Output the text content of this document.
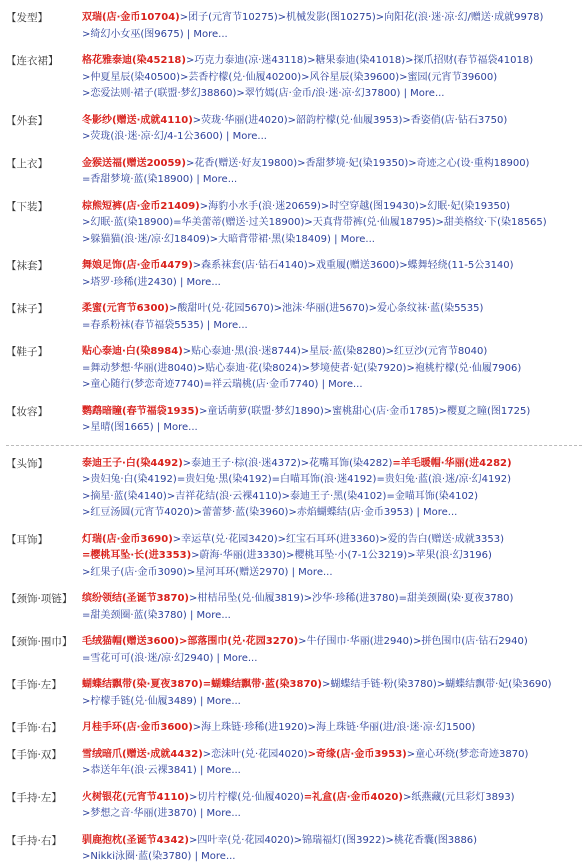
【发型】	双瑞(店·金币10704)>团子(元宵节10275)>机械发影(图10275)>向阳花(浪·迷·凉·幻/赠送·成就9978)
>绮幻小女巫(图9675) | More...
【连衣裙】	格花雅泰迪(染45218)>巧克力泰迪(凉·迷43118)>糖果泰迪(染41018)>探爪招财(春节福袋41018)
>仲夏星辰(染40500)>芸香柠檬(兑·仙履40200)>风谷星辰(染39600)>蜜园(元宵节39600)
>恋爱法则·裙子(联盟·梦幻38860)>翠竹嫣(店·金币/浪·迷·凉·幻37800) | More...
【外套】	冬影纱(赠送·成就4110)>荧珑·华丽(进4020)>韶韵柠檬(兑·仙履3953)>香姿俏(店·钻石3750)
>荧珑(浪·迷·凉·幻/4-1公3600) | More...
【上衣】	金猴送福(赠送20059)>花香(赠送·好友19800)>香甜梦境·妃(染19350)>奇迹之心(设·重构18900)
=香甜梦境·蓝(染18900) | More...
【下装】	棕熊短裤(店·金币21409)>海豹小水手(浪·迷20659)>时空穿越(图19430)>幻眠·妃(染19350)
>幻眠·蓝(染18900)=华美蕾蒂(赠送·过关18900)>天真背带裤(兑·仙履18795)>甜美格纹·下(染18565)
>躲猫猫(浪·迷/凉·幻18409)>大暗背带裙·黑(染18409) | More...
【袜套】	舞娘足饰(店·金币4479)>森系袜套(店·钻石4140)>戏重履(赠送3600)>蝶舞轻绕(11-5公3140)
>塔罗·珍稀(进2430) | More...
【袜子】	柔蜜(元宵节6300)>酸甜叶(兑·花园5670)>池沫·华丽(进5670)>爱心条纹袜·蓝(染5535)
=春系粉袜(春节福袋5535) | More...
【鞋子】	贴心泰迪·白(染8984)>贴心泰迪·黑(浪·迷8744)>星辰·蓝(染8280)>红豆沙(元宵节8040)
=舞动梦想·华丽(进8040)>贴心泰迪·花(染8024)>梦境使者·妃(染7920)>袍桃柠檬(兑·仙履7906)
>童心随行(梦恋奇迹7740)=祥云瑞桃(店·金币7740) | More...
【妆容】	鹦鹉暗瞳(春节福袋1935)>童话萌萝(联盟·梦幻1890)>蜜桃甜心(店·金币1785)>樱夏之瞳(图1725)
>星晴(图1665) | More...
【头饰】	泰迪王子·白(染4492)>泰迪王子·棕(浪·迷4372)>花嘴耳饰(染4282)=羊毛暖帽·华丽(进4282)
>贵妇兔·白(染4192)=贵妇兔·黑(染4192)=白喵耳饰(浪·迷4192)=贵妇兔·蓝(浪·迷/凉·幻4192)
>摘星·蓝(染4140)>吉祥花结(浪·云裸4110)>泰迪王子·黑(染4102)=金喵耳饰(染4102)
>红豆汤圆(元宵节4020)>蕾蕾梦·蓝(染3960)>赤焰蝴蝶结(店·金币3953) | More...
【耳饰】	灯瑞(店·金币3690)>幸运草(兑·花园3420)>红宝石耳环(进3360)>爱的告白(赠送·成就3353)
=樱桃耳坠·长(进3353)>蔚海·华丽(进3330)>樱桃耳坠·小(7-1公3219)>苹果(浪·幻3196)
>红果子(店·金币3090)>星河耳环(赠送2970) | More...
【颈饰·项链】 缤纷领结(圣诞节3870)>柑桔吊坠(兑·仙履3819)>沙华·珍稀(进3780)=甜美颈圈(染·夏夜3780)
=甜美颈圈·蓝(染3780) | More...
【颈饰·围巾】 毛绒猫帽(赠送3600)>部落围巾(兑·花园3270)>牛仔围巾·华丽(进2940)>拼色围巾(店·钻石2940)
=雪花可可(浪·迷/凉·幻2940) | More...
【手饰·左】	蝴蝶结飘带(染·夏夜3870)=蝴蝶结飘带·蓝(染3870)>蝴蝶结手链·粉(染3780)>蝴蝶结飘带·妃(染3690)
>柠檬手链(兑·仙履3489) | More...
【手饰·右】	月桂手环(店·金币3600)>海上珠链·珍稀(进1920)>海上珠链·华丽(进/浪·迷·凉·幻1500)
【手饰·双】	雪绒暗爪(赠送·成就4432)>恋沫叶(兑·花园4020)>奇缘(店·金币3953)>童心环绕(梦恋奇迹3870)
>恭送年年(浪·云裸3841) | More...
【手持·左】	火树银花(元宵节4110)>切片柠檬(兑·仙履4020)=礼盒(店·金币4020)>纸燕藏(元旦彩灯3893)
>梦想之音·华丽(进3870) | More...
【手持·右】	驯鹿抱枕(圣诞节4342)>四叶幸(兑·花园4020)>锦瑞福灯(图3922)>桃花香囊(图3886)
>Nikki泳圈·蓝(染3780) | More...
